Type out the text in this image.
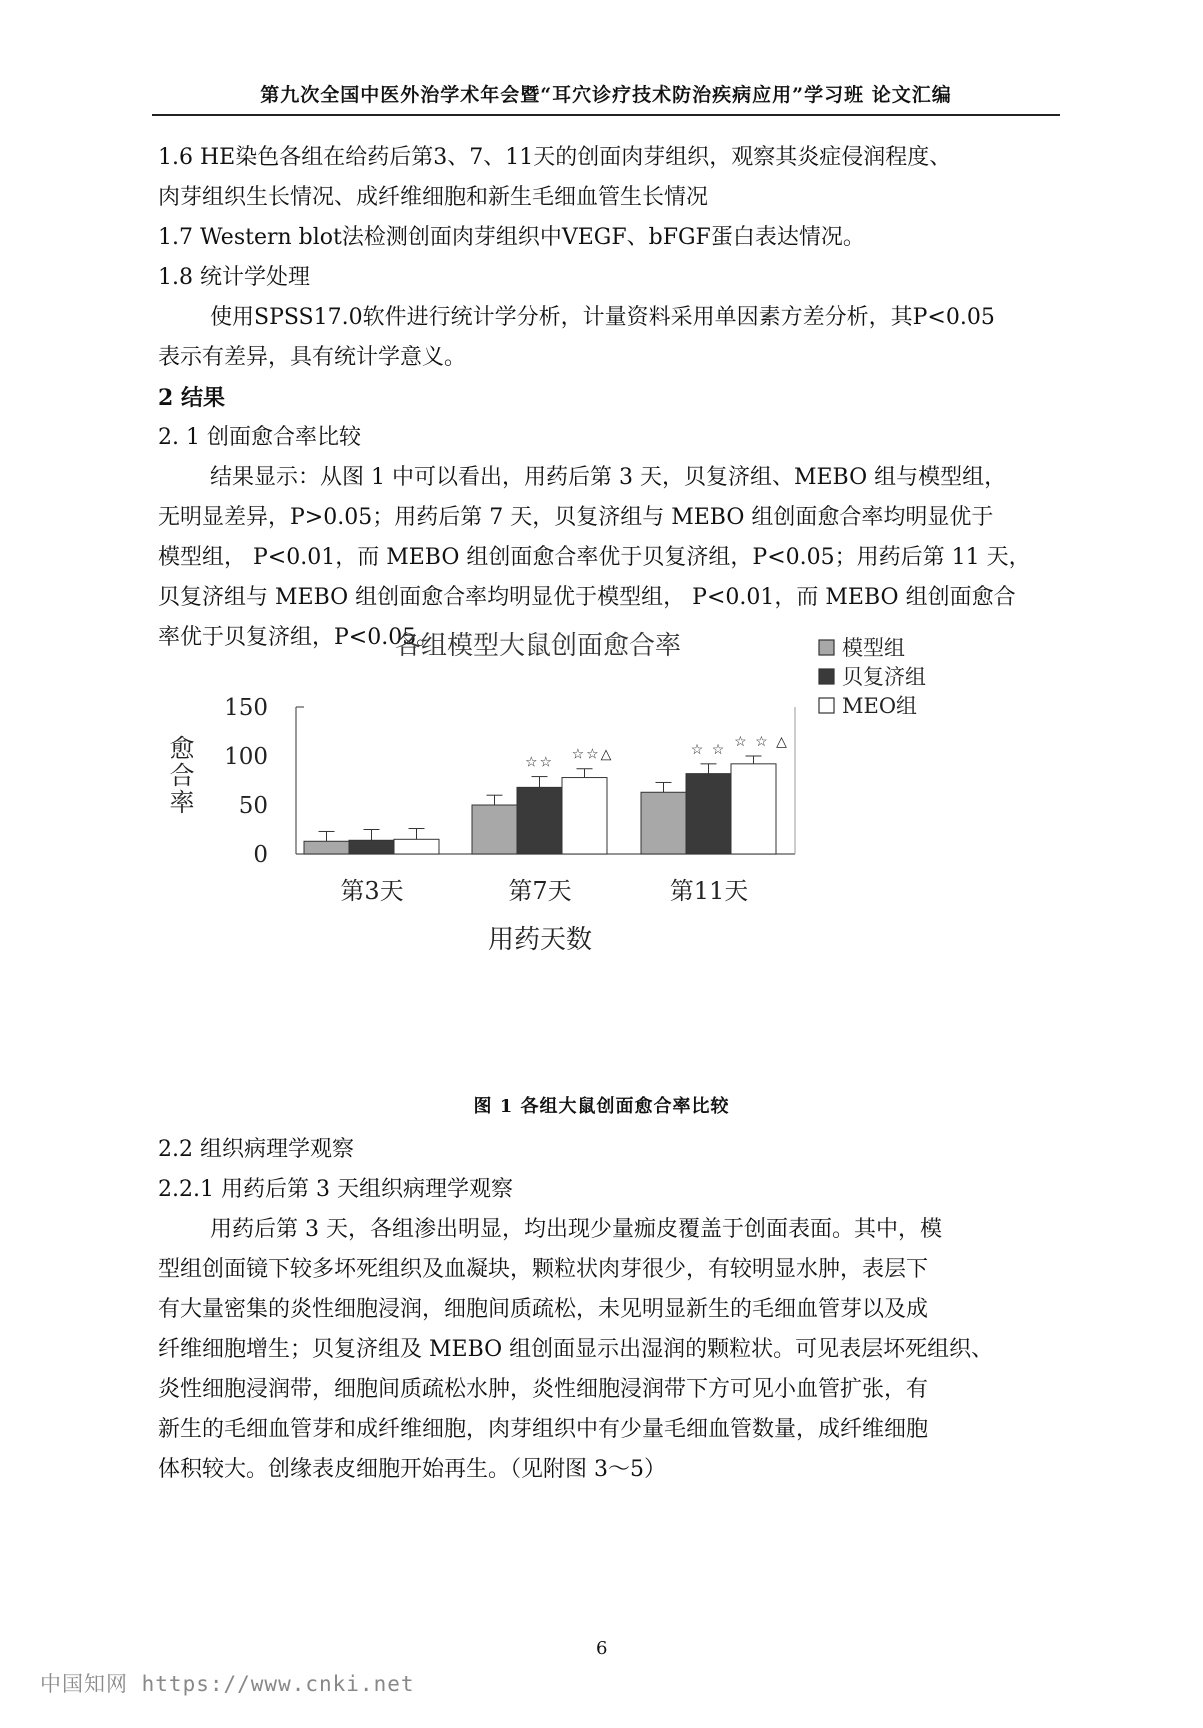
第九次全国中医外治学术年会暨“耳穴诊疗技术防治疾病应用”学习班 论文汇编
1.6 HE染色各组在给药后第3、7、11天的创面肉芽组织，观察其炎症侵润程度、
肉芽组织生长情况、成纤维细胞和新生毛细血管生长情况
1.7 Western blot法检测创面肉芽组织中VEGF、bFGF蛋白表达情况。
1.8 统计学处理
使用SPSS17.0软件进行统计学分析，计量资料采用单因素方差分析，其P<0.05
表示有差异，具有统计学意义。
2 结果
2. 1 创面愈合率比较
结果显示：从图 1 中可以看出，用药后第 3 天，贝复济组、MEBO 组与模型组，
无明显差异，P>0.05；用药后第 7 天，贝复济组与 MEBO 组创面愈合率均明显优于
模型组， P<0.01，而 MEBO 组创面愈合率优于贝复济组，P<0.05；用药后第 11 天，
贝复济组与 MEBO 组创面愈合率均明显优于模型组， P<0.01，而 MEBO 组创面愈合
率优于贝复济组，P<0.05。
各组模型大鼠创面愈合率
0
50
100
150
愈
合
率
第3天	第7天	第11天
☆☆ ☆☆△	☆ ☆ ☆ ☆ △
用药天数
模型组
贝复济组
MEO组
图 1 各组大鼠创面愈合率比较
2.2 组织病理学观察
2.2.1 用药后第 3 天组织病理学观察
用药后第 3 天，各组渗出明显，均出现少量痂皮覆盖于创面表面。其中，模
型组创面镜下较多坏死组织及血凝块，颗粒状肉芽很少，有较明显水肿，表层下
有大量密集的炎性细胞浸润，细胞间质疏松，未见明显新生的毛细血管芽以及成
纤维细胞增生；贝复济组及 MEBO 组创面显示出湿润的颗粒状。可见表层坏死组织、
炎性细胞浸润带，细胞间质疏松水肿，炎性细胞浸润带下方可见小血管扩张，有
新生的毛细血管芽和成纤维细胞，肉芽组织中有少量毛细血管数量，成纤维细胞
体积较大。创缘表皮细胞开始再生。（见附图 3～5）
6
中国知网 https://www.cnki.net
